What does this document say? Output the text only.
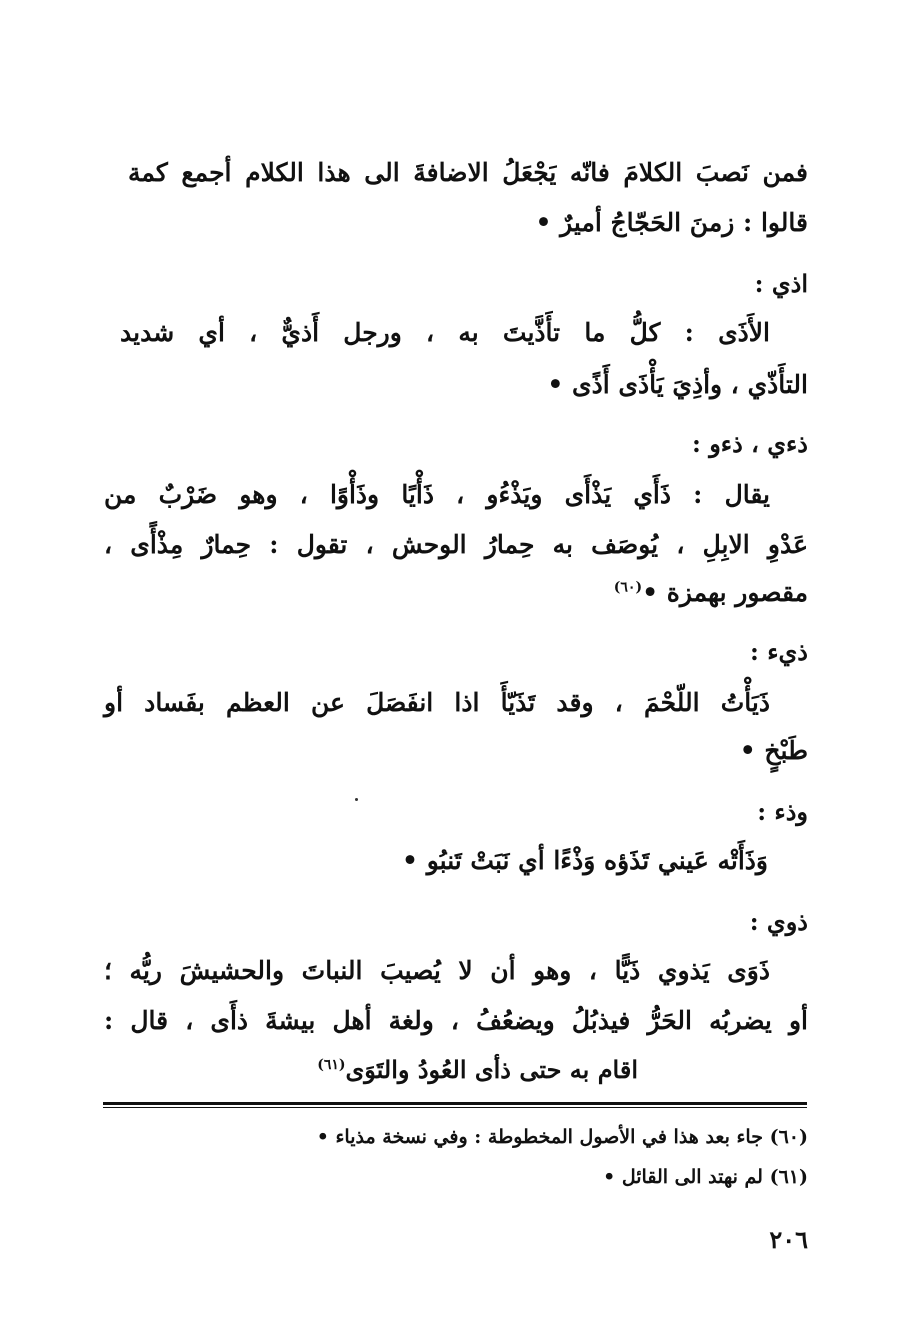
فمن نَصبَ الكلامَ فانّه يَجْعَلُ الاضافةَ الى هذا الكلام أجمع كمة
قالوا : زمنَ الحَجّاجُ أميرٌ •
اذي :
الأَذَى : كلُّ ما تأَذَّيتَ به ، ورجل أَذيٌّ ، أي شديد
التأَذّي ، وأذِيَ يَأْذَى أَذًى •
ذءي ، ذءو :
يقال : ذَأَي يَذْأَى ويَذْءُو ، ذَأْيًا وذَأْوًا ، وهو ضَرْبٌ من
عَدْوِ الابِلِ ، يُوصَف به حِمارُ الوحش ، تقول : حِمارٌ مِذْأًى ،
مقصور بهمزة •$^{(٦٠)}$
ذيء :
ذَيَأْتُ اللّحْمَ ، وقد تَذَيّأَ اذا انفَصَلَ عن العظم بفَساد أو
طَبْخٍ •
وذء :
وَذَأَتْه عَيني تَذَؤه وَذْءًا أي نَبَتْ تَنبُو •
ذوي :
ذَوَى يَذوي ذَيًّا ، وهو أن لا يُصيبَ النباتَ والحشيشَ ريُّه ؛
أو يضربُه الحَرُّ فيذبُلُ ويضعُفُ ، ولغة أهل بيشةَ ذأَى ، قال :
اقام به حتى ذأى العُودُ والتَوَى$^{(٦١)}$
(٦٠) جاء بعد هذا في الأصول المخطوطة : وفي نسخة مذياء •
(٦١) لم نهتد الى القائل •
٢٠٦
